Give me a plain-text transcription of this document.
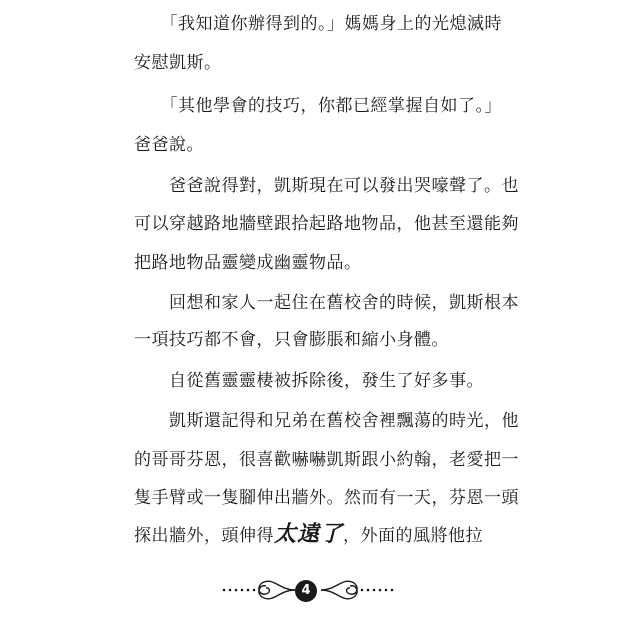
　　「我知道你辦得到的。」媽媽身上的光熄滅時
安慰凱斯。
　　「其他學會的技巧，你都已經掌握自如了。」
爸爸說。
　　爸爸說得對，凱斯現在可以發出哭嚎聲了。也
可以穿越路地牆壁跟拾起路地物品，他甚至還能夠
把路地物品靈變成幽靈物品。
　　回想和家人一起住在舊校舍的時候，凱斯根本
一項技巧都不會，只會膨脹和縮小身體。
　　自從舊靈靈棲被拆除後，發生了好多事。
　　凱斯還記得和兄弟在舊校舍裡飄蕩的時光，他
的哥哥芬恩，很喜歡嚇嚇凱斯跟小約翰，老愛把一
隻手臂或一隻腳伸出牆外。然而有一天，芬恩一頭
探出牆外，頭伸得太遠了，外面的風將他拉
4
